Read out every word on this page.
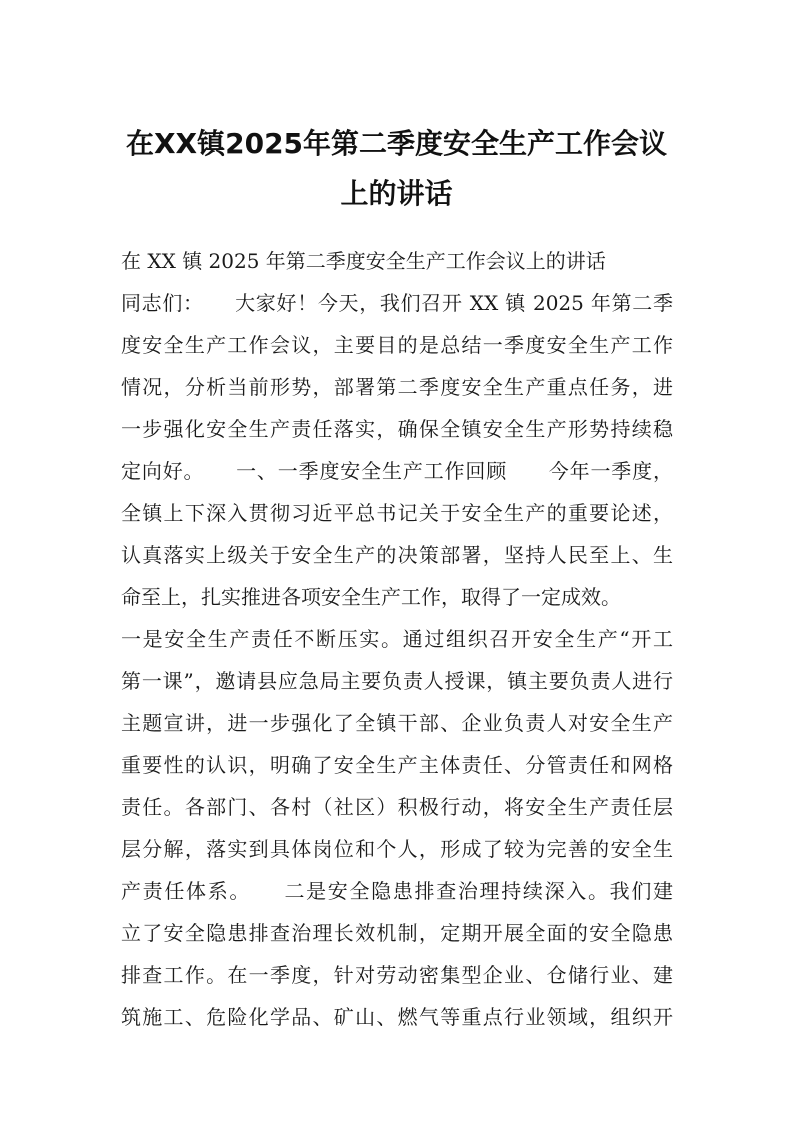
在XX镇2025年第二季度安全生产工作会议
上的讲话
在 XX 镇 2025 年第二季度安全生产工作会议上的讲话
同志们：　　大家好！今天，我们召开 XX 镇 2025 年第二季
度安全生产工作会议，主要目的是总结一季度安全生产工作
情况，分析当前形势，部署第二季度安全生产重点任务，进
一步强化安全生产责任落实，确保全镇安全生产形势持续稳
定向好。　　一、一季度安全生产工作回顾　　今年一季度，
全镇上下深入贯彻习近平总书记关于安全生产的重要论述，
认真落实上级关于安全生产的决策部署，坚持人民至上、生
命至上，扎实推进各项安全生产工作，取得了一定成效。
一是安全生产责任不断压实。通过组织召开安全生产“开工
第一课”，邀请县应急局主要负责人授课，镇主要负责人进行
主题宣讲，进一步强化了全镇干部、企业负责人对安全生产
重要性的认识，明确了安全生产主体责任、分管责任和网格
责任。各部门、各村（社区）积极行动，将安全生产责任层
层分解，落实到具体岗位和个人，形成了较为完善的安全生
产责任体系。　　二是安全隐患排查治理持续深入。我们建
立了安全隐患排查治理长效机制，定期开展全面的安全隐患
排查工作。在一季度，针对劳动密集型企业、仓储行业、建
筑施工、危险化学品、矿山、燃气等重点行业领域，组织开
